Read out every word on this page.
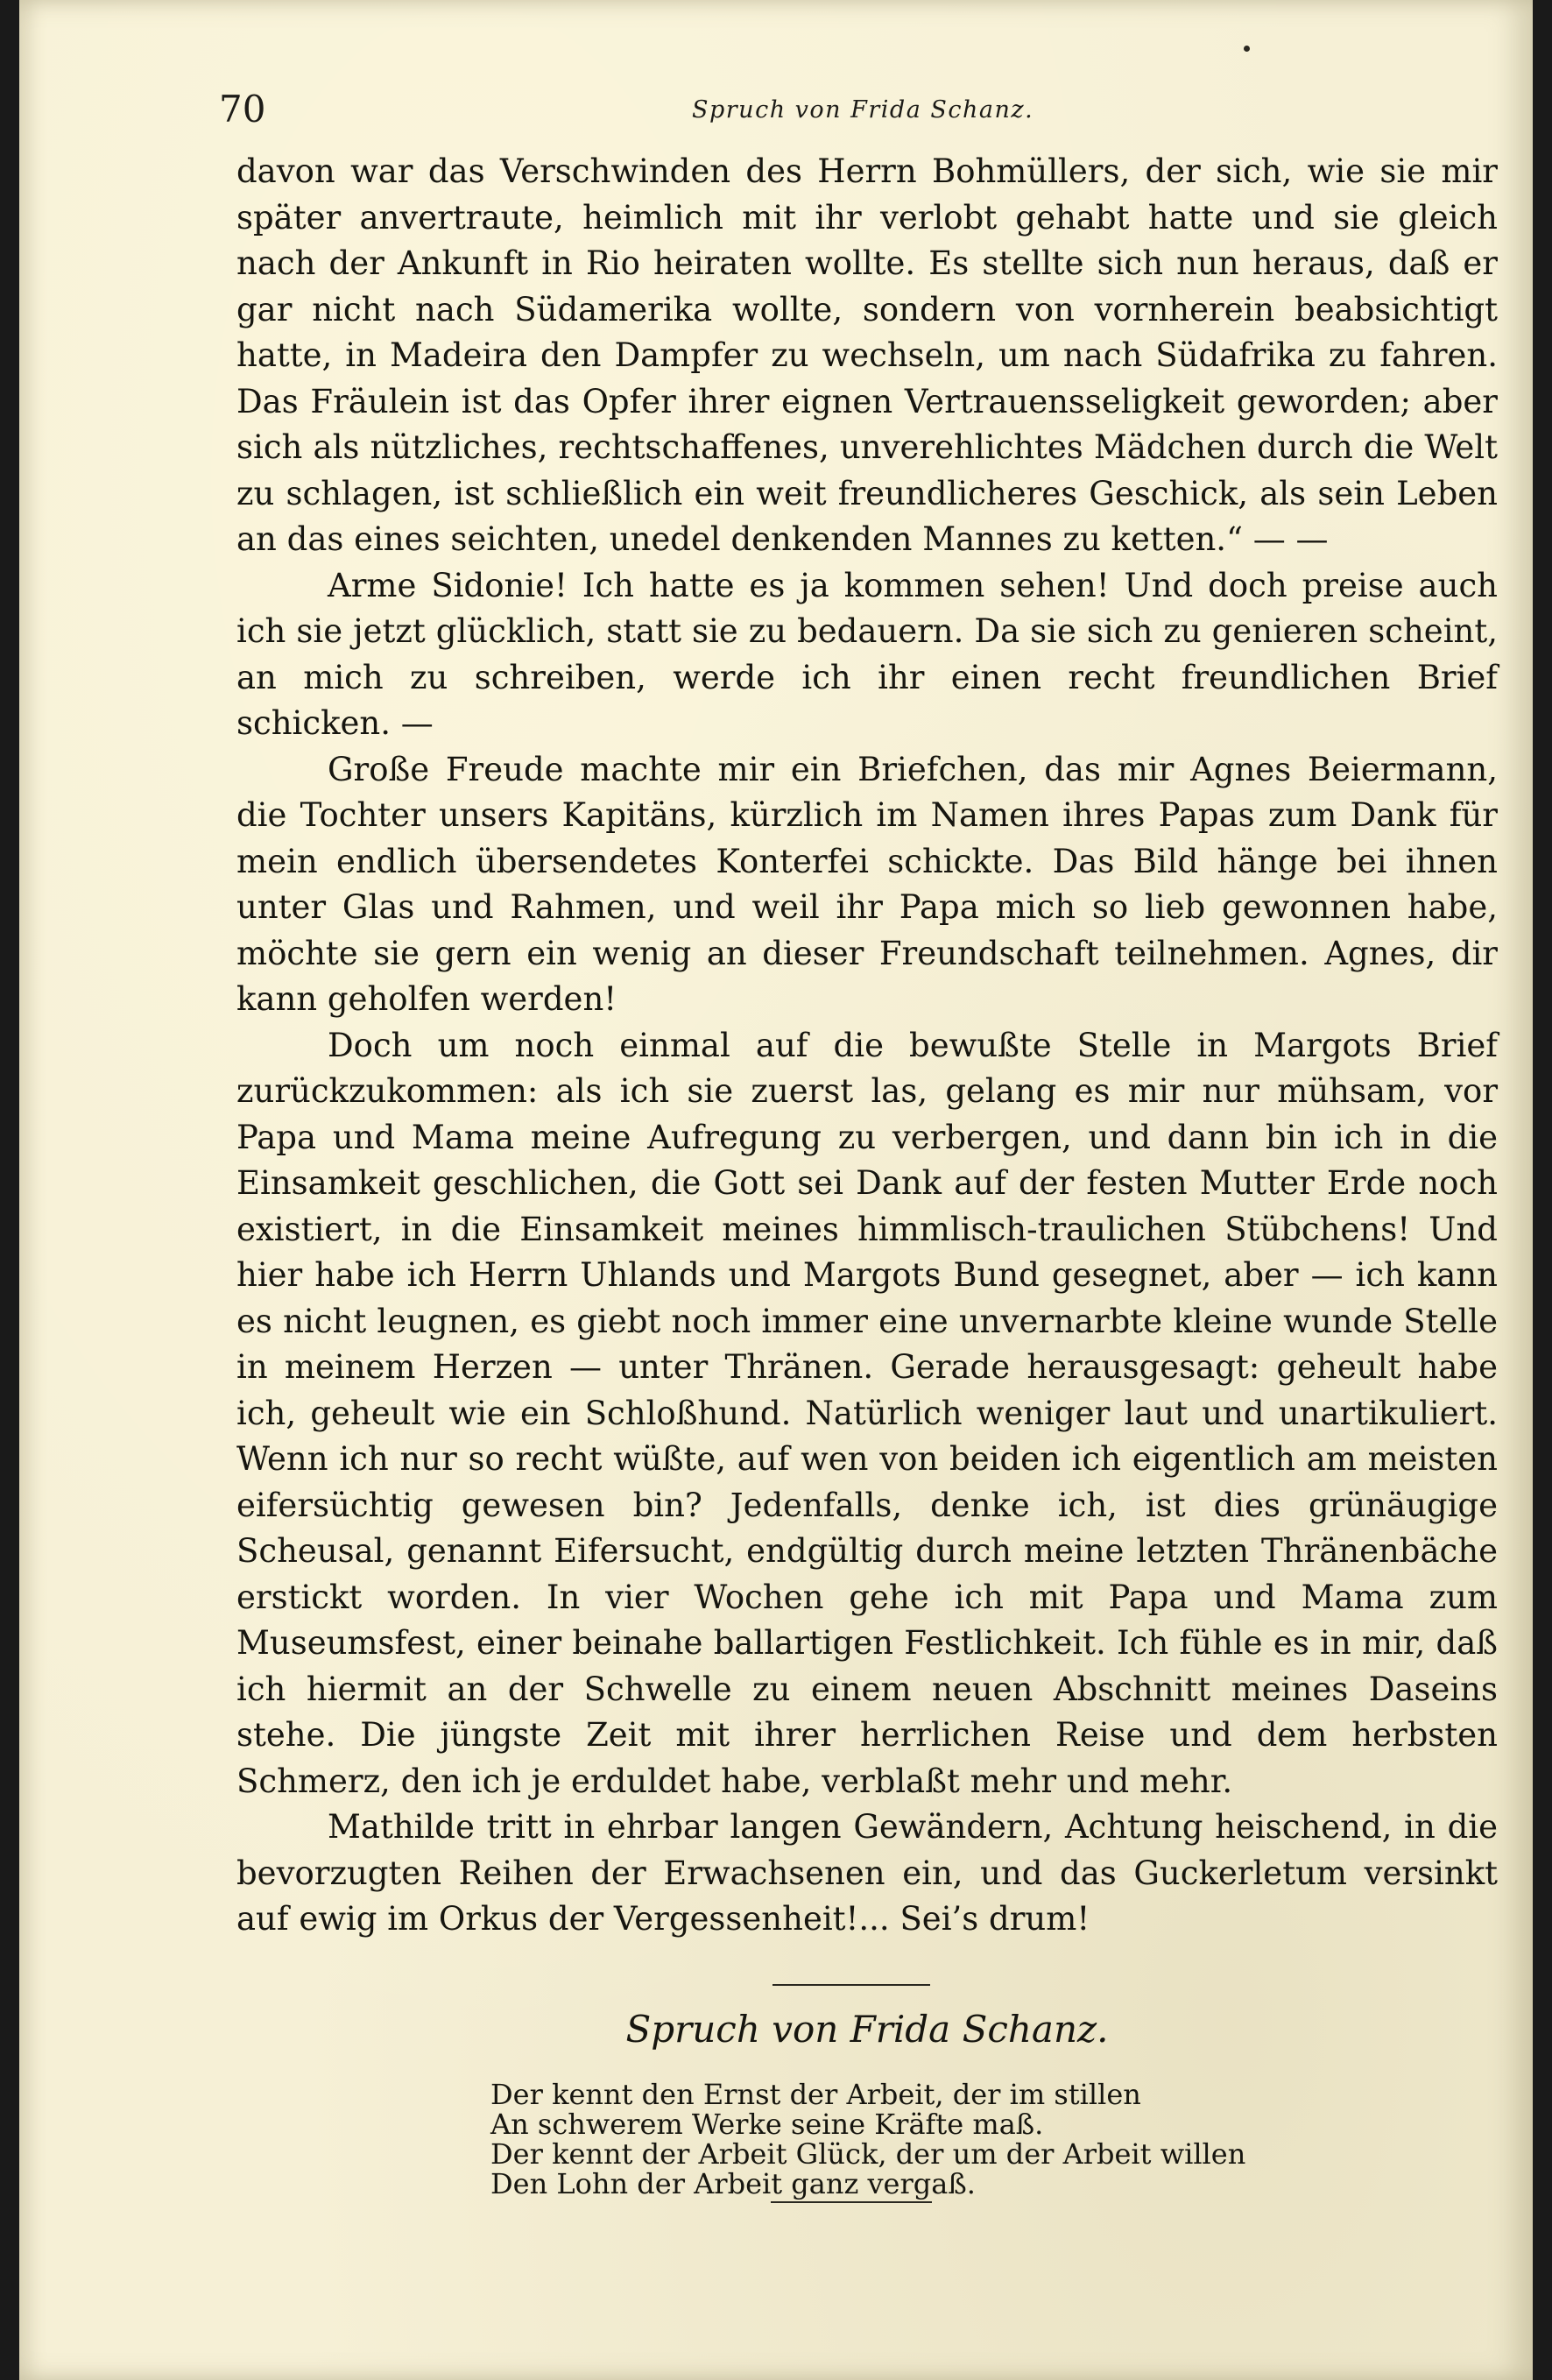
70	Spruch von Frida Schanz.

davon war das Verschwinden des Herrn Bohmüllers, der sich, wie sie mir später anvertraute, heimlich mit ihr verlobt gehabt hatte und sie gleich nach der Ankunft in Rio heiraten wollte. Es stellte sich nun heraus, daß er gar nicht nach Südamerika wollte, sondern von vornherein beabsichtigt hatte, in Madeira den Dampfer zu wechseln, um nach Südafrika zu fahren. Das Fräulein ist das Opfer ihrer eignen Vertrauensseligkeit geworden; aber sich als nützliches, rechtschaffenes, unverehlichtes Mädchen durch die Welt zu schlagen, ist schließlich ein weit freundlicheres Geschick, als sein Leben an das eines seichten, unedel denkenden Mannes zu ketten.“ — —

Arme Sidonie! Ich hatte es ja kommen sehen! Und doch preise auch ich sie jetzt glücklich, statt sie zu bedauern. Da sie sich zu genieren scheint, an mich zu schreiben, werde ich ihr einen recht freundlichen Brief schicken. —

Große Freude machte mir ein Briefchen, das mir Agnes Beiermann, die Tochter unsers Kapitäns, kürzlich im Namen ihres Papas zum Dank für mein endlich übersendetes Konterfei schickte. Das Bild hänge bei ihnen unter Glas und Rahmen, und weil ihr Papa mich so lieb gewonnen habe, möchte sie gern ein wenig an dieser Freundschaft teilnehmen. Agnes, dir kann geholfen werden!

Doch um noch einmal auf die bewußte Stelle in Margots Brief zurückzukommen: als ich sie zuerst las, gelang es mir nur mühsam, vor Papa und Mama meine Aufregung zu verbergen, und dann bin ich in die Einsamkeit geschlichen, die Gott sei Dank auf der festen Mutter Erde noch existiert, in die Einsamkeit meines himmlisch-traulichen Stübchens! Und hier habe ich Herrn Uhlands und Margots Bund gesegnet, aber — ich kann es nicht leugnen, es giebt noch immer eine unvernarbte kleine wunde Stelle in meinem Herzen — unter Thränen. Gerade herausgesagt: geheult habe ich, geheult wie ein Schloßhund. Natürlich weniger laut und unartikuliert. Wenn ich nur so recht wüßte, auf wen von beiden ich eigentlich am meisten eifersüchtig gewesen bin? Jedenfalls, denke ich, ist dies grünäugige Scheusal, genannt Eifersucht, endgültig durch meine letzten Thränenbäche erstickt worden. In vier Wochen gehe ich mit Papa und Mama zum Museumsfest, einer beinahe ballartigen Festlichkeit. Ich fühle es in mir, daß ich hiermit an der Schwelle zu einem neuen Abschnitt meines Daseins stehe. Die jüngste Zeit mit ihrer herrlichen Reise und dem herbsten Schmerz, den ich je erduldet habe, verblaßt mehr und mehr.

Mathilde tritt in ehrbar langen Gewändern, Achtung heischend, in die bevorzugten Reihen der Erwachsenen ein, und das Guckerletum versinkt auf ewig im Orkus der Vergessenheit!... Sei’s drum!

Spruch von Frida Schanz.
Der kennt den Ernst der Arbeit, der im stillen
An schwerem Werke seine Kräfte maß.
Der kennt der Arbeit Glück, der um der Arbeit willen
Den Lohn der Arbeit ganz vergaß.
